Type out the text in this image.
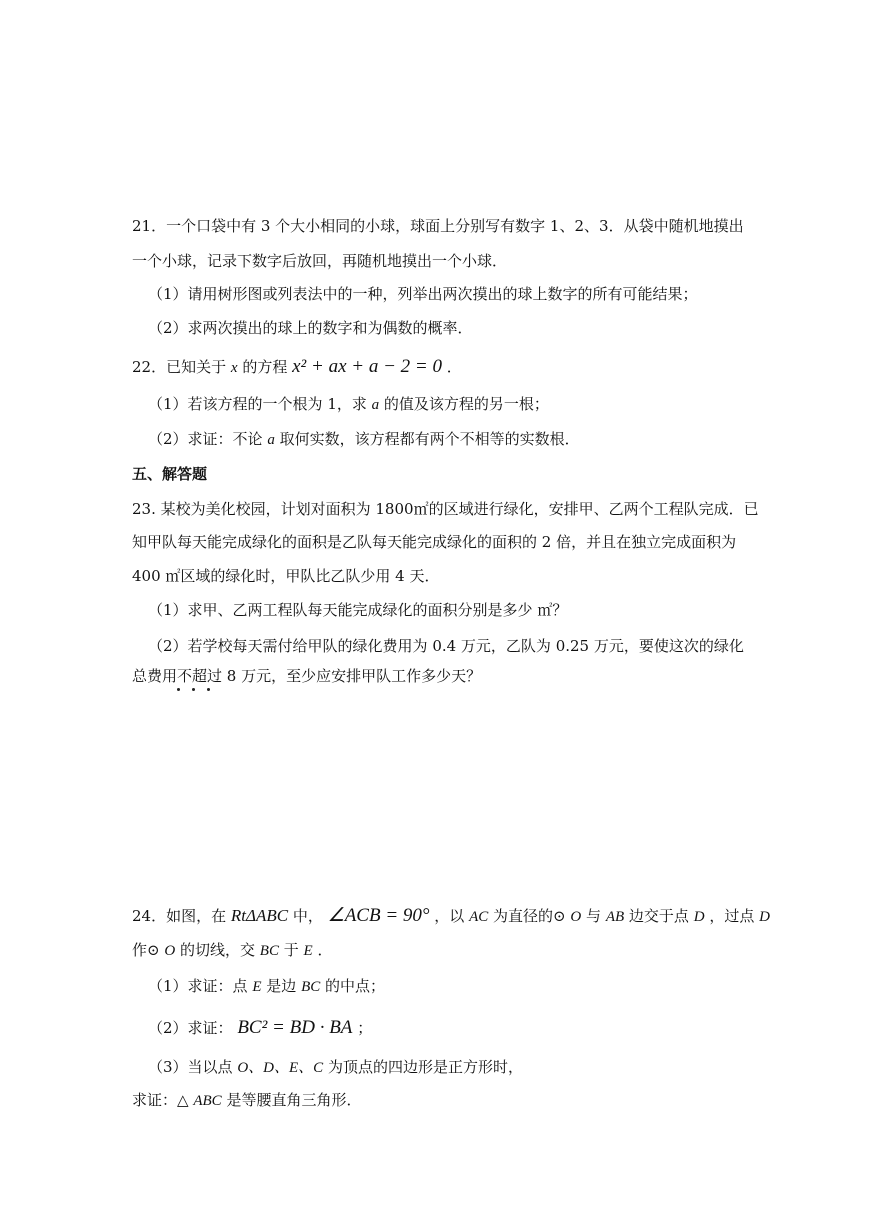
21．一个口袋中有 3 个大小相同的小球，球面上分别写有数字 1、2、3．从袋中随机地摸出
一个小球，记录下数字后放回，再随机地摸出一个小球．
（1）请用树形图或列表法中的一种，列举出两次摸出的球上数字的所有可能结果；
（2）求两次摸出的球上的数字和为偶数的概率．
22．已知关于 x 的方程 x² + ax + a − 2 = 0 ．
（1）若该方程的一个根为 1，求 a 的值及该方程的另一根；
（2）求证：不论 a 取何实数，该方程都有两个不相等的实数根．
五、解答题
23. 某校为美化校园，计划对面积为 1800㎡的区域进行绿化，安排甲、乙两个工程队完成．已
知甲队每天能完成绿化的面积是乙队每天能完成绿化的面积的 2 倍，并且在独立完成面积为
400 ㎡区域的绿化时，甲队比乙队少用 4 天．
（1）求甲、乙两工程队每天能完成绿化的面积分别是多少 ㎡？
（2）若学校每天需付给甲队的绿化费用为 0.4 万元，乙队为 0.25 万元，要使这次的绿化
总费用不超过 8 万元，至少应安排甲队工作多少天？
24．如图，在 RtΔABC 中， ∠ACB = 90° ，以 AC 为直径的⊙ O 与 AB 边交于点 D ，过点 D
作⊙ O 的切线，交 BC 于 E ．
（1）求证：点 E 是边 BC 的中点；
（2）求证： BC² = BD · BA ；
（3）当以点 O、D、E、C 为顶点的四边形是正方形时，
求证：△ ABC 是等腰直角三角形．
